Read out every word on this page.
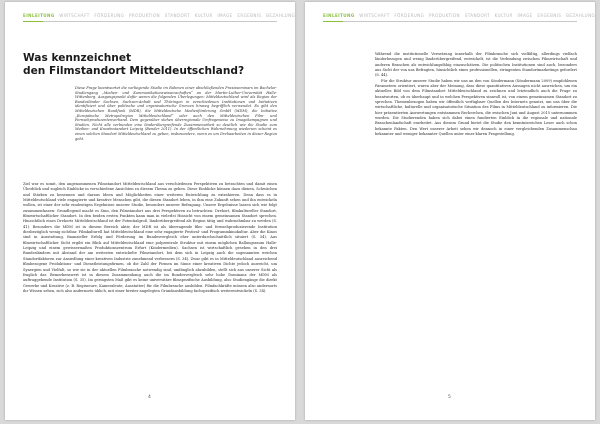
EINLEITUNG WIRTSCHAFT FÖRDERUNG PRODUKTION STANDORT KULTUR IMAGE ERGEBNIS BEZAHLUNG
Was kennzeichnet
den Filmstandort Mitteldeutschland?

Diese Frage beantwortet die vorliegende Studie im Rahmen einer abschließenden Praxisseminars im Bachelor-Studiengang „Medien- und Kommunikationswissenschaften“ an der Martin-Luther-Universität Halle-Wittenberg. Ausgangspunkt dafür waren die folgenden Überlegungen: Mitteldeutschland wird als Region der Bundesländer Sachsen, Sachsen-Anhalt und Thüringen in verschiedenen Institutionen und Initiativen identifiziert und über politische und organisatorische Grenzen hinweg begrifflich verwendet. Es gibt den Mitteldeutschen Rundfunk (MDR), die Mitteldeutsche Medienförderung GmbH (MDM), die Initiative „Europäische Metropolregion Mitteldeutschland“ oder auch den Mitteldeutschen Film- und Fernsehproduzentenverband. Dem gegenüber stehen überregionale Umfrageweise zu Imagekampagnen und Studien. Nicht alle verbunden eine länderübergreifende Zusammenarbeit so deutlich wie die Studie zum Medien- und Kreativstandort Leipzig (Bender 2011). In der öffentlichen Wahrnehmung wiederum scheint es einen solchen Standort Mitteldeutschland zu geben, insbesondere, wenn es um Drehaarbeiten in dieser Region geht.

Ziel war es somit, den angenommenen Filmstandort Mitteldeutschland aus verschiedenen Perspektiven zu betrachten und damit einen Überblick und zugleich Einblicke in verschiedene Ansichten zu diesem Thema zu geben. Diese Einblicke können dazu dienen, Schwächen und Stärken zu benennen und daraus Ideen und Möglichkeiten einer weiteren Entwicklung zu extrahieren. Denn dass es in Mitteldeutschland viele engagierte und kreative Menschen gibt, die diesen Standort leben, in ihm eine Zukunft sehen und ihn entwickeln wollen, ist einer der sehr eindeutigen Ergebnisse unserer Studie, besonders unserer Befragung. Unsere Ergebnisse lassen sich wie folgt zusammenfassen: Grundlegend macht es Sinn, den Filmstandort aus drei Perspektiven zu betrachten: Drehort, filmkultureller Standort, filmwirtschaftlicher Standort. In den beiden ersten Punkten kann man in vielerlei Hinsicht von einem gemeinsamen Standort sprechen. Hinsichtlich eines Drehorts Mitteldeutschland ist der Potentialgroß, länderübergreifend als Region tätig und wahrnehmbar zu werden (S. 41). Besonders die MDM ist in diesem Bereich aktiv, der MDR ist als überragende film- und fernsehproduzierende Institution diesbezüglich wenig sichtbar. Filmkulturell hat Mitteldeutschland eine sehr engagierte Festival- und Programmkinokultur. Aber die Kinos sind in Ausstattung, finanzieller Erfolg und Förderung im Bundesvergleich eher unterdurchschnittlich situiert (S. 34). Aus filmwirtschaftlicher Sicht ergibt ein Blick auf Mitteldeutschland eine polyzentrale Struktur mit einem möglichen Ballungsraum Halle-Leipzig und einem gewissermaßen Produktionszentrum Erfurt (Kindermedien). Sachsen ist wirtschaftlich gesehen in den drei Bundesländern mit Abstand der am weitesten entwickelte Filmstandort, bei dem sich in Leipzig auch die sogenannten weichen Standortfaktoren zur Ansiedlung einer kreativen Industrie zunehmend verbessern (S. 34). Zwar gibt es in Mitteldeutschland ausreichend filmbezogene Produktions- und Dienstleistungsfirmen, ob die Zahl der Firmen im Sinne einer kreativen Dichte jedoch ausreicht, um Synergien und Vielfalt, so wie sie in der aktuellen Filmbranche notwendig sind, umfänglich abzubilden, stellt sich aus unserer Sicht als fraglich dar. Bemerkenswert ist in diesem Zusammenhang auch die im Bundesvergleich sehr hohe Dominanz der MDM als auftraggebende Institution (S. 35). Im geringsten Maß gibt es keine universitäre filmspezifische Ausbildung, also Studiengänge die direkt Gewerke und Kreative (z. B. Regisseure, Kameraleute, Ausstatter) für die Filmbranche ausbilden. Filmfachkräfte müssen also andernorts ihr Wissen sehen, sich also andernorts üblich, mit einer breiter angelegten Grundausbildung fachspezifisch weiterentwickeln (S. 34).

4
EINLEITUNG WIRTSCHAFT FÖRDERUNG PRODUKTION STANDORT KULTUR IMAGE ERGEBNIS BEZAHLUNG

Während die institutionelle Vernetzung innerhalb der Filmbranche sich vielfältig, allerdings vielfach länderbezogen und wenig länderübergreifend, entwickelt, ist die Verbindung zwischen Filmwirtschaft und anderen Branchen als entwicklungsfähig einzuschätzen. Die politischen Institutionen sind auch, besonders aus Sicht der von uns Befragten, hinsichtlich eines professionellen, stringenten Standortmarketings gefordert (S. 44).

Für die Struktur unserer Studie haben wir uns an den von Söndermann (Söndermann 2009) empfohlenen Parametern orientiert, waren aber der Meinung, dass diese quantitativen Aussagen nicht ausreichen, um ein aktuelles Bild von dem Filmstandort Mitteldeutschland zu zeichnen und letztendlich auch die Frage zu beantworten, ob es überhaupt und in welchen Perspektiven sinnvoll ist, von einem gemeinsamen Standort zu sprechen. Themenbezogen haben wir öffentlich verfügbare Quellen des Internets genutzt, um uns über die wirtschaftliche, kulturelle und organisatorische Situation des Films in Mitteldeutschland zu informieren. Die hier präsentierten Auswertungen entstammen Recherchen, die zwischen Juni und August 2015 unternommen wurden. Die Studierenden haben sich dabei einen fundierten Einblick in die regionale und nationale Branchenlandschaft erarbeitet. Aus diesem Grund bietet die Studie den kenntnisreichen Leser auch schon bekannte Fakten. Den Wert unserer Arbeit sehen wir dennoch in einer vergleichenden Zusammenschau bekannter und weniger bekannter Quellen unter einer klaren Fragestellung.

5
